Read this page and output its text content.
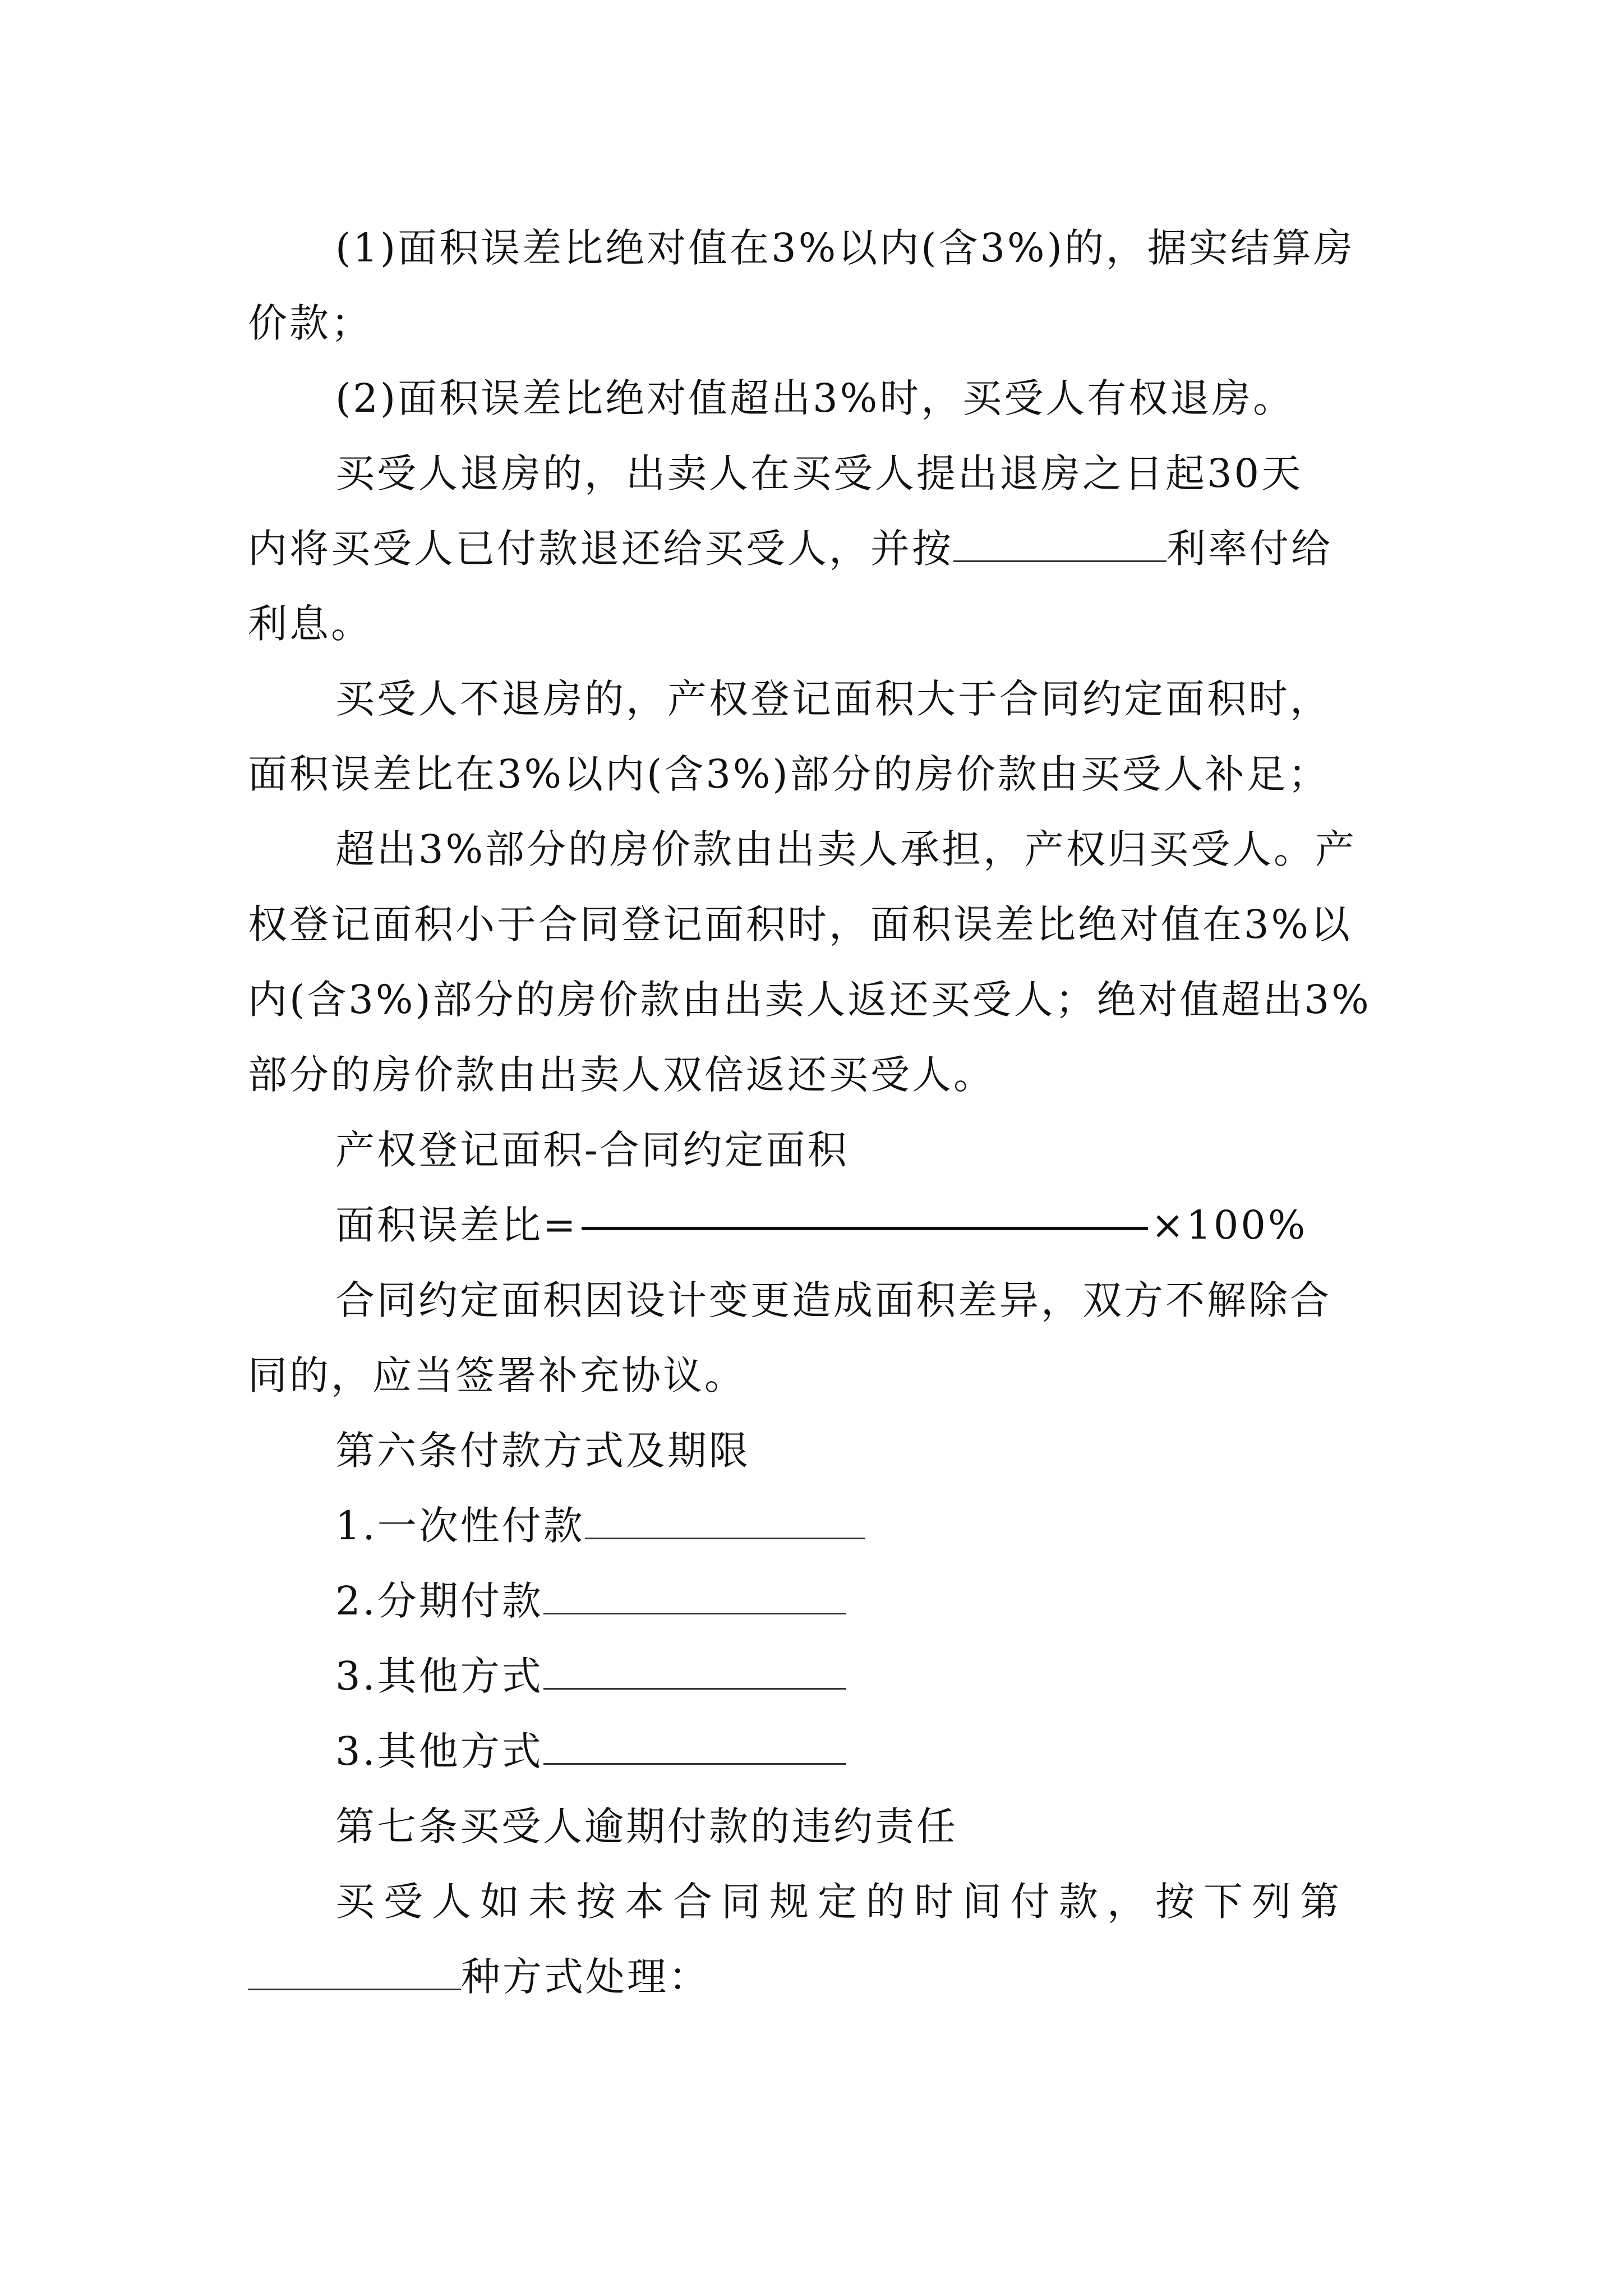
(1)面积误差比绝对值在3%以内(含3%)的，据实结算房
价款；
(2)面积误差比绝对值超出3%时，买受人有权退房。
买受人退房的，出卖人在买受人提出退房之日起30天
内将买受人已付款退还给买受人，并按	利率付给
利息。
买受人不退房的，产权登记面积大于合同约定面积时，
面积误差比在3%以内(含3%)部分的房价款由买受人补足；
超出3%部分的房价款由出卖人承担，产权归买受人。产
权登记面积小于合同登记面积时，面积误差比绝对值在3%以
内(含3%)部分的房价款由出卖人返还买受人；绝对值超出3%
部分的房价款由出卖人双倍返还买受人。
产权登记面积-合同约定面积
面积误差比=	×100%
合同约定面积因设计变更造成面积差异，双方不解除合
同的，应当签署补充协议。
第六条付款方式及期限
1.一次性付款
2.分期付款
3.其他方式
3.其他方式
第七条买受人逾期付款的违约责任
买受人如未按本合同规定的时间付款，按下列第
种方式处理：
